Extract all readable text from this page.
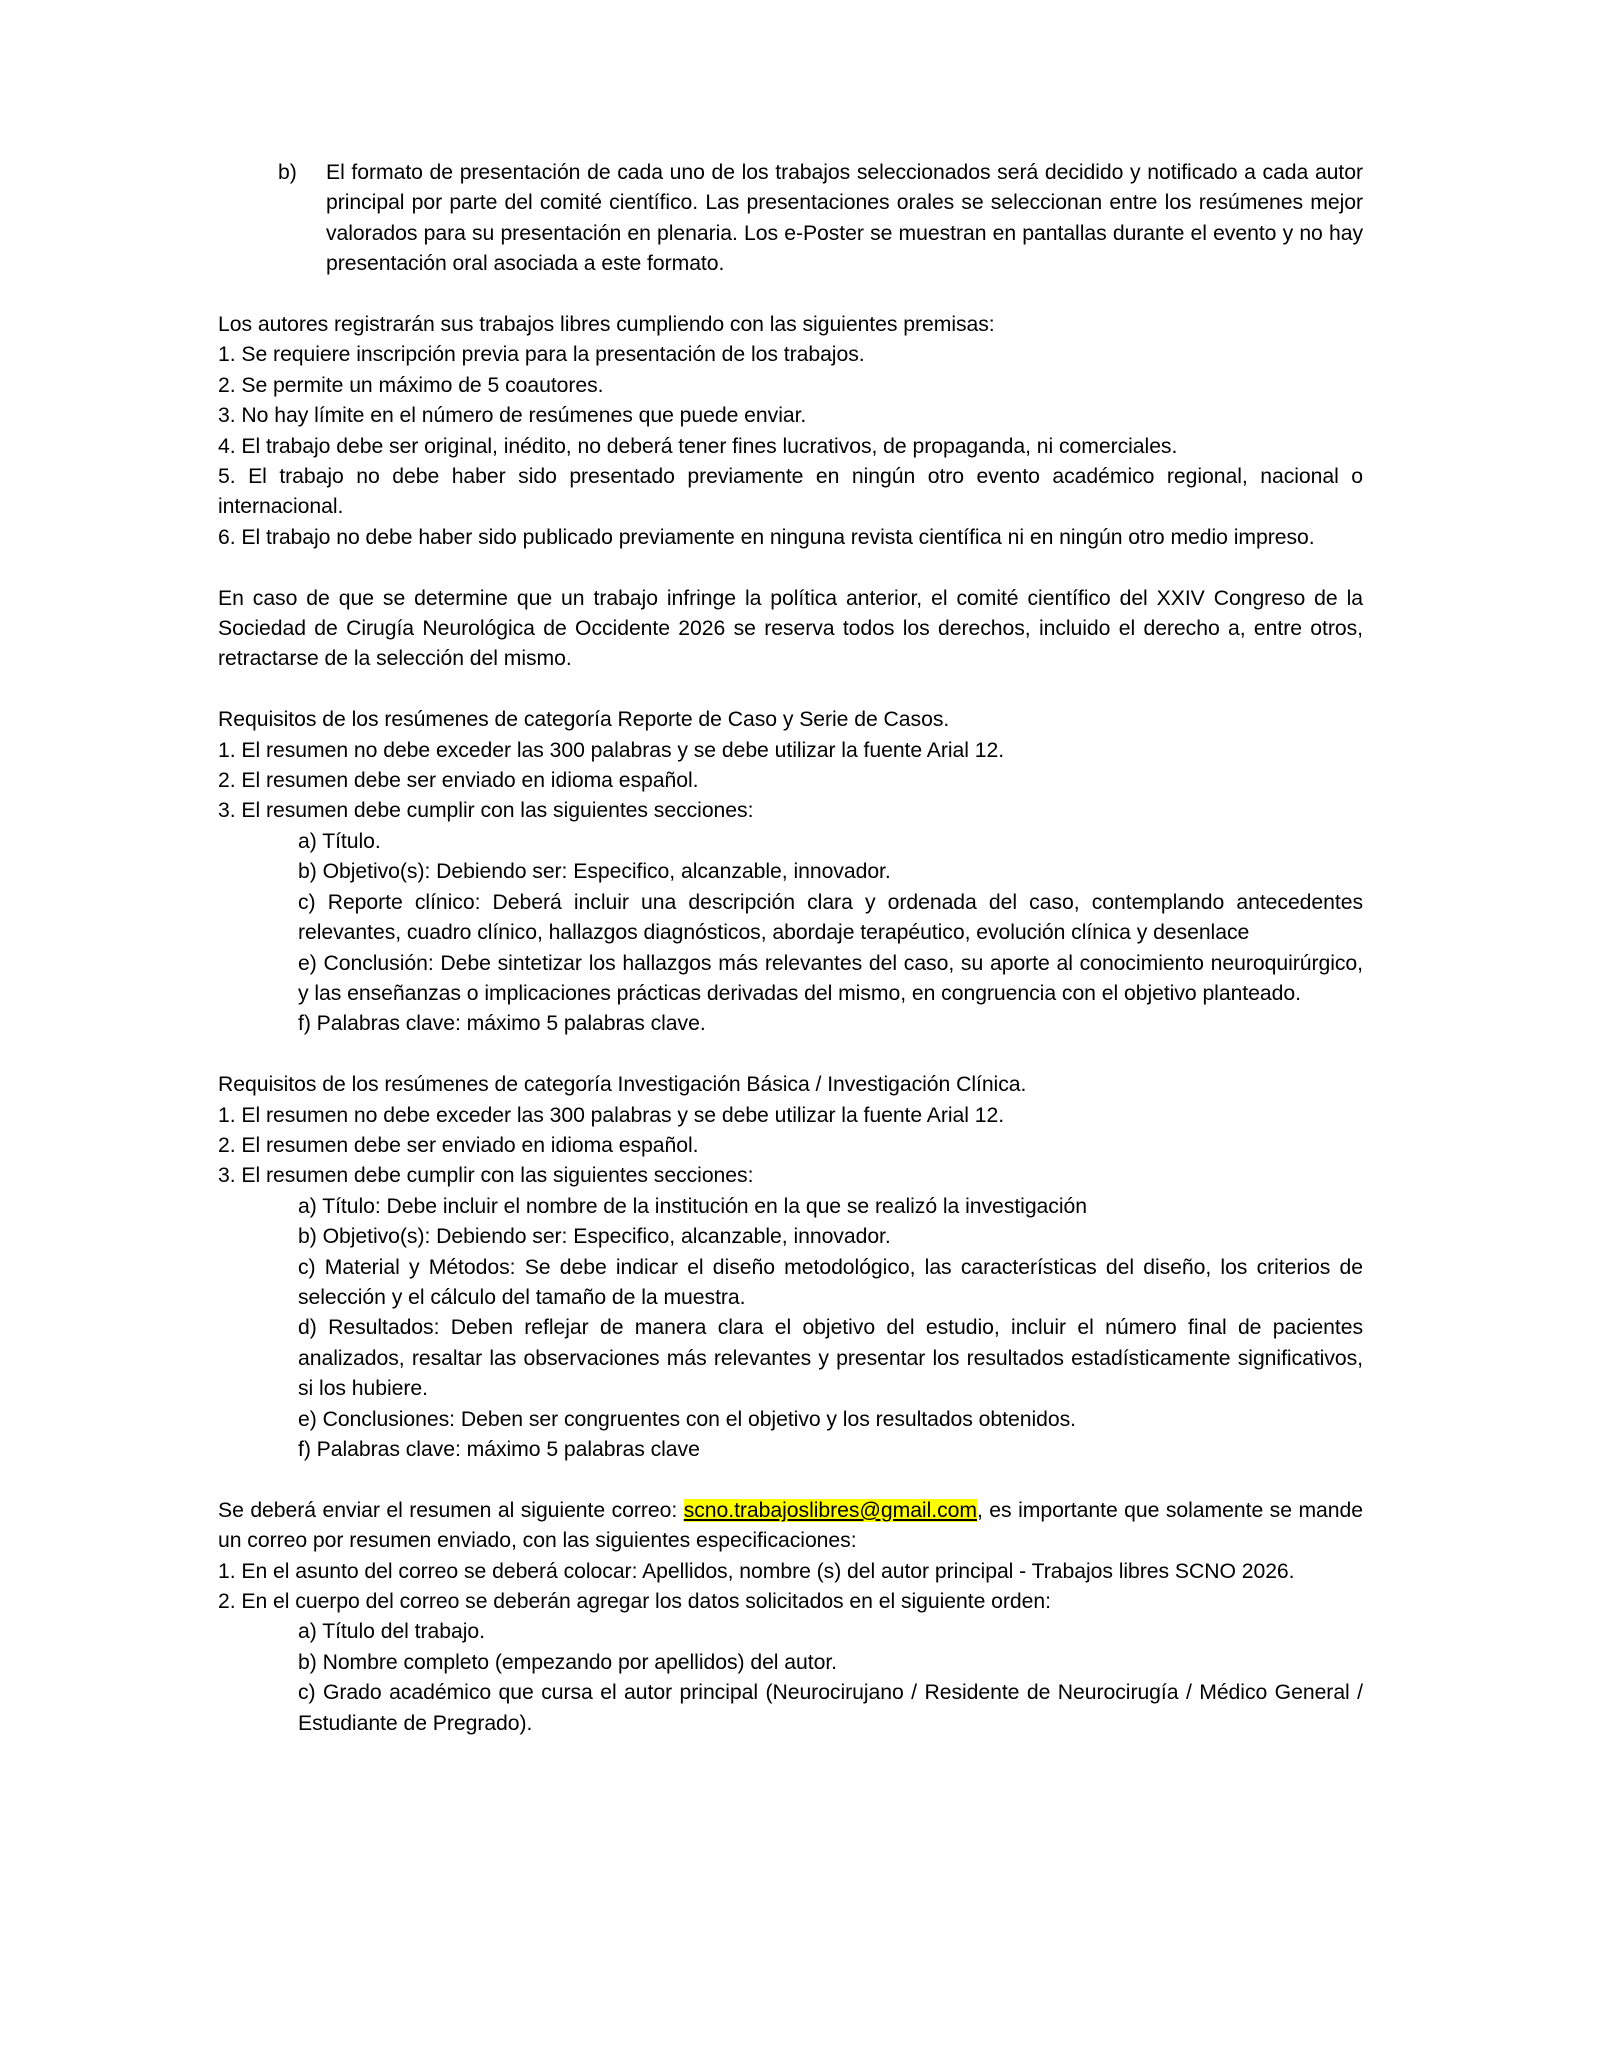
b) El formato de presentación de cada uno de los trabajos seleccionados será decidido y notificado a cada autor principal por parte del comité científico. Las presentaciones orales se seleccionan entre los resúmenes mejor valorados para su presentación en plenaria. Los e-Poster se muestran en pantallas durante el evento y no hay presentación oral asociada a este formato.

Los autores registrarán sus trabajos libres cumpliendo con las siguientes premisas:

1. Se requiere inscripción previa para la presentación de los trabajos.

2. Se permite un máximo de 5 coautores.

3. No hay límite en el número de resúmenes que puede enviar.

4. El trabajo debe ser original, inédito, no deberá tener fines lucrativos, de propaganda, ni comerciales.

5. El trabajo no debe haber sido presentado previamente en ningún otro evento académico regional, nacional o internacional.

6. El trabajo no debe haber sido publicado previamente en ninguna revista científica ni en ningún otro medio impreso.

En caso de que se determine que un trabajo infringe la política anterior, el comité científico del XXIV Congreso de la Sociedad de Cirugía Neurológica de Occidente 2026 se reserva todos los derechos, incluido el derecho a, entre otros, retractarse de la selección del mismo.

Requisitos de los resúmenes de categoría Reporte de Caso y Serie de Casos.

1. El resumen no debe exceder las 300 palabras y se debe utilizar la fuente Arial 12.

2. El resumen debe ser enviado en idioma español.

3. El resumen debe cumplir con las siguientes secciones:

a) Título.

b) Objetivo(s): Debiendo ser: Especifico, alcanzable, innovador.

c) Reporte clínico: Deberá incluir una descripción clara y ordenada del caso, contemplando antecedentes relevantes, cuadro clínico, hallazgos diagnósticos, abordaje terapéutico, evolución clínica y desenlace

e) Conclusión: Debe sintetizar los hallazgos más relevantes del caso, su aporte al conocimiento neuroquirúrgico, y las enseñanzas o implicaciones prácticas derivadas del mismo, en congruencia con el objetivo planteado.

f) Palabras clave: máximo 5 palabras clave.

Requisitos de los resúmenes de categoría Investigación Básica / Investigación Clínica.

1. El resumen no debe exceder las 300 palabras y se debe utilizar la fuente Arial 12.

2. El resumen debe ser enviado en idioma español.

3. El resumen debe cumplir con las siguientes secciones:

a) Título: Debe incluir el nombre de la institución en la que se realizó la investigación

b) Objetivo(s): Debiendo ser: Especifico, alcanzable, innovador.

c) Material y Métodos: Se debe indicar el diseño metodológico, las características del diseño, los criterios de selección y el cálculo del tamaño de la muestra.

d) Resultados: Deben reflejar de manera clara el objetivo del estudio, incluir el número final de pacientes analizados, resaltar las observaciones más relevantes y presentar los resultados estadísticamente significativos, si los hubiere.

e) Conclusiones: Deben ser congruentes con el objetivo y los resultados obtenidos.

f) Palabras clave: máximo 5 palabras clave

Se deberá enviar el resumen al siguiente correo: scno.trabajoslibres@gmail.com, es importante que solamente se mande un correo por resumen enviado, con las siguientes especificaciones:

1. En el asunto del correo se deberá colocar: Apellidos, nombre (s) del autor principal - Trabajos libres SCNO 2026.

2. En el cuerpo del correo se deberán agregar los datos solicitados en el siguiente orden:

a) Título del trabajo.

b) Nombre completo (empezando por apellidos) del autor.

c) Grado académico que cursa el autor principal (Neurocirujano / Residente de Neurocirugía / Médico General / Estudiante de Pregrado).
